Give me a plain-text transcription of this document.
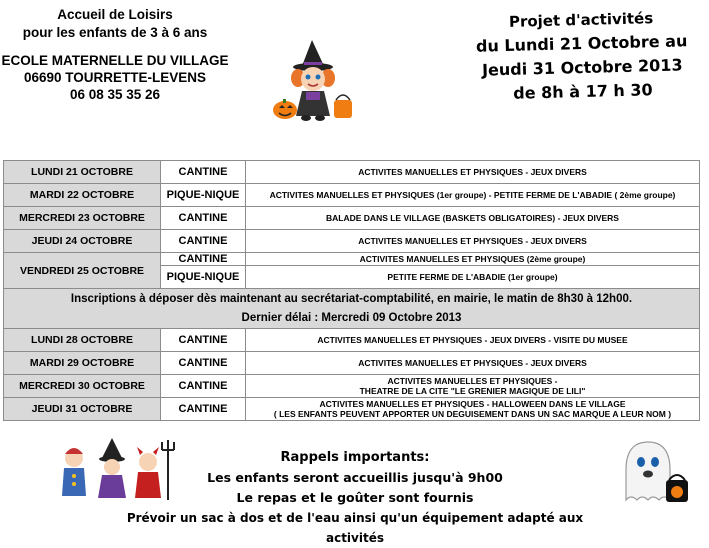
Accueil de Loisirs
pour les enfants de 3 à 6 ans
ECOLE MATERNELLE DU VILLAGE
06690 TOURRETTE-LEVENS
06 08 35 35 26
Projet d'activités
du Lundi 21 Octobre au
Jeudi 31 Octobre 2013
de 8h à 17 h 30
LUNDI 21 OCTOBRE	CANTINE	ACTIVITES MANUELLES ET PHYSIQUES - JEUX DIVERS
MARDI 22 OCTOBRE	PIQUE-NIQUE	ACTIVITES MANUELLES ET PHYSIQUES (1er groupe) - PETITE FERME DE L'ABADIE ( 2ème groupe)
MERCREDI 23 OCTOBRE	CANTINE	BALADE DANS LE VILLAGE (BASKETS OBLIGATOIRES) - JEUX DIVERS
JEUDI 24 OCTOBRE	CANTINE	ACTIVITES MANUELLES ET PHYSIQUES - JEUX DIVERS
VENDREDI 25 OCTOBRE	CANTINE	ACTIVITES MANUELLES ET PHYSIQUES (2ème groupe)
	PIQUE-NIQUE	PETITE FERME DE L'ABADIE (1er groupe)

Inscriptions à déposer dès maintenant au secrétariat-comptabilité, en mairie, le matin de 8h30 à 12h00.
Dernier délai : Mercredi 09 Octobre 2013		

LUNDI 28 OCTOBRE	CANTINE	ACTIVITES MANUELLES ET PHYSIQUES - JEUX DIVERS - VISITE DU MUSEE
MARDI 29 OCTOBRE	CANTINE	ACTIVITES MANUELLES ET PHYSIQUES - JEUX DIVERS
MERCREDI 30 OCTOBRE	CANTINE	ACTIVITES MANUELLES ET PHYSIQUES -
THEATRE DE LA CITE "LE GRENIER MAGIQUE DE LILI"

JEUDI 31 OCTOBRE	CANTINE	ACTIVITES MANUELLES ET PHYSIQUES - HALLOWEEN DANS LE VILLAGE
( LES ENFANTS PEUVENT APPORTER UN DEGUISEMENT DANS UN SAC MARQUE A LEUR NOM )
Rappels importants:
Les enfants seront accueillis jusqu'à 9h00
Le repas et le goûter sont fournis
Prévoir un sac à dos et de l'eau ainsi qu'un équipement adapté aux activités
